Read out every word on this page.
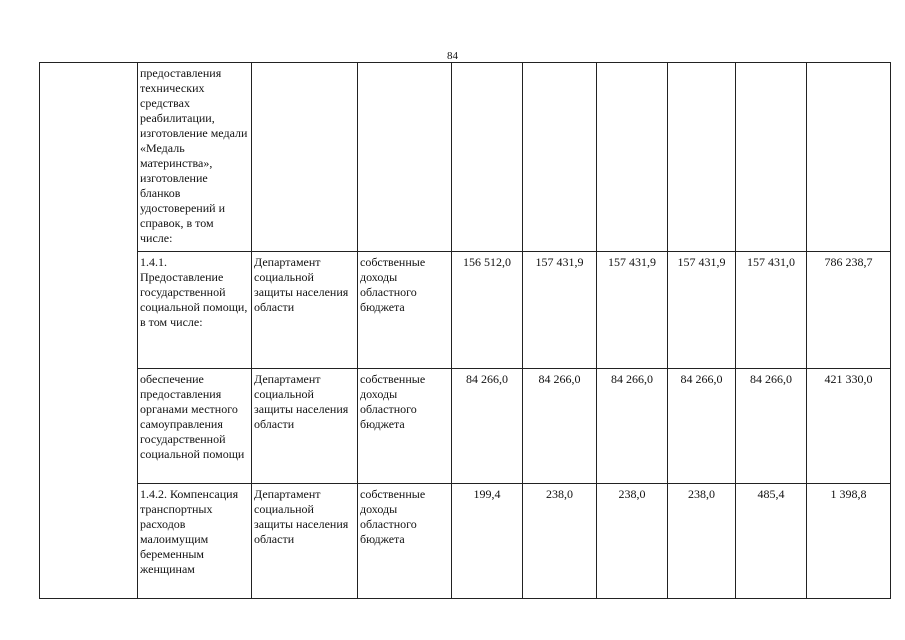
84
	предоставления технических средствах реабилитации, изготовление медали «Медаль материнства», изготовление бланков удостоверений и справок, в том числе:								
	1.4.1. Предоставление государственной социальной помощи, в том числе:	Департамент социальной защиты населения области	собственные доходы областного бюджета	156 512,0	157 431,9	157 431,9	157 431,9	157 431,0	786 238,7
	обеспечение предоставления органами местного самоуправления государственной социальной помощи	Департамент социальной защиты населения области	собственные доходы областного бюджета	84 266,0	84 266,0	84 266,0	84 266,0	84 266,0	421 330,0
	1.4.2. Компенсация транспортных расходов малоимущим беременным женщинам	Департамент социальной защиты населения области	собственные доходы областного бюджета	199,4	238,0	238,0	238,0	485,4	1 398,8
